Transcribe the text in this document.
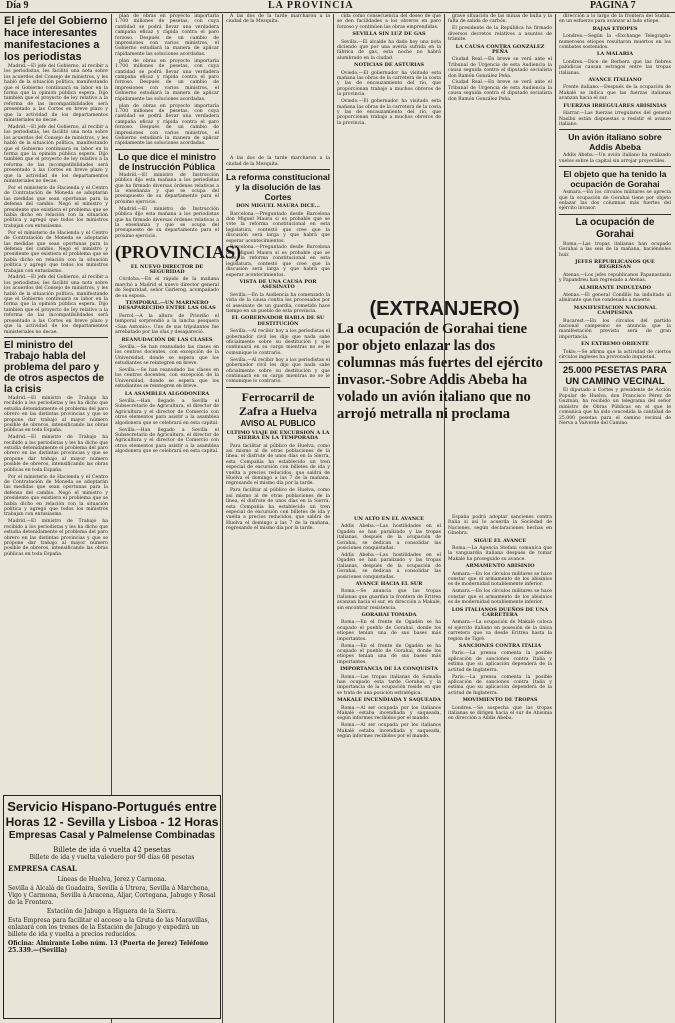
Día 9	LA PROVINCIA	PAGINA 7
El jefe del Gobierno hace interesantes manifestaciones a los periodistas

Madrid.—El jefe del Gobierno, al recibir a los periodistas, les facilitó una nota sobre los acuerdos del Consejo de ministros, y les habló de la situación política, manifestando que el Gobierno continuará su labor en la forma que la opinión pública espera. Dijo también que el proyecto de ley relativo a la reforma de las incompatibilidades será presentado a las Cortes en breve plazo y que la actividad de los departamentos ministeriales no decae.

Madrid.—El jefe del Gobierno, al recibir a los periodistas, les facilitó una nota sobre los acuerdos del Consejo de ministros, y les habló de la situación política, manifestando que el Gobierno continuará su labor en la forma que la opinión pública espera. Dijo también que el proyecto de ley relativo a la reforma de las incompatibilidades será presentado a las Cortes en breve plazo y que la actividad de los departamentos ministeriales no decae.

Por el ministerio de Hacienda y el Centro de Contratación de Moneda se adoptarán las medidas que sean oportunas para la defensa del cambio. Negó el ministro y presidente que existiera el problema que se había dicho en relación con la situación política y agregó que todos los ministros trabajan con entusiasmo.

Por el ministerio de Hacienda y el Centro de Contratación de Moneda se adoptarán las medidas que sean oportunas para la defensa del cambio. Negó el ministro y presidente que existiera el problema que se había dicho en relación con la situación política y agregó que todos los ministros trabajan con entusiasmo.

Madrid.—El jefe del Gobierno, al recibir a los periodistas, les facilitó una nota sobre los acuerdos del Consejo de ministros, y les habló de la situación política, manifestando que el Gobierno continuará su labor en la forma que la opinión pública espera. Dijo también que el proyecto de ley relativo a la reforma de las incompatibilidades será presentado a las Cortes en breve plazo y que la actividad de los departamentos ministeriales no decae.

El ministro del Trabajo habla del problema del paro y de otros aspectos de la crisis

Madrid.—El ministro de Trabajo ha recibido a los periodistas y les ha dicho que estudia detenidamente el problema del paro obrero en las distintas provincias y que se propone dar trabajo al mayor número posible de obreros, intensificando las obras públicas en toda España.

Madrid.—El ministro de Trabajo ha recibido a los periodistas y les ha dicho que estudia detenidamente el problema del paro obrero en las distintas provincias y que se propone dar trabajo al mayor número posible de obreros, intensificando las obras públicas en toda España.

Por el ministerio de Hacienda y el Centro de Contratación de Moneda se adoptarán las medidas que sean oportunas para la defensa del cambio. Negó el ministro y presidente que existiera el problema que se había dicho en relación con la situación política y agregó que todos los ministros trabajan con entusiasmo.

Madrid.—El ministro de Trabajo ha recibido a los periodistas y les ha dicho que estudia detenidamente el problema del paro obrero en las distintas provincias y que se propone dar trabajo al mayor número posible de obreros, intensificando las obras públicas en toda España.

Servicio Hispano-Portugués entre
Horas 12 - Sevilla y Lisboa - 12 Horas
Empresas Casal y Palmelense Combinadas
Billete de ida ó vuelta 42 pesetas
Billete de ida y vuelta valedero por 90 días 68 pesetas
EMPRESA CASAL
Líneas de Huelva, Jerez y Carmona.
Sevilla á Alcalá de Guadaira, Sevilla á Utrera, Sevilla á Marchena, Vigo y Carmona, Sevilla á Aracena, Aljar, Cortegana, Jabugo y Rosal de la Frontera.
Estación de Jabugo a Higuera de la Sierra.
Esta Empresa para facilitar el acceso a la Gruta de las Maravillas, enlazará con los trenes de la Estación de Jabugo y expedirá un billete de ida y vuelta a precios reducidos.
Oficina: Almirante Lobo núm. 13 (Puerta de Jerez) Teléfono 25.339.—(Sevilla)

plan de obras en proyecto importaría 1.700 millones de pesetas, con cuya cantidad se podrá llevar una verdadera campaña eficaz y rápida contra el paro forzoso. Después de un cambio de impresiones con varios ministros, el Gobierno estudiará la manera de aplicar rápidamente las soluciones acordadas.

plan de obras en proyecto importaría 1.700 millones de pesetas, con cuya cantidad se podrá llevar una verdadera campaña eficaz y rápida contra el paro forzoso. Después de un cambio de impresiones con varios ministros, el Gobierno estudiará la manera de aplicar rápidamente las soluciones acordadas.

plan de obras en proyecto importaría 1.700 millones de pesetas, con cuya cantidad se podrá llevar una verdadera campaña eficaz y rápida contra el paro forzoso. Después de un cambio de impresiones con varios ministros, el Gobierno estudiará la manera de aplicar rápidamente las soluciones acordadas.

Lo que dice el ministro de Instrucción Pública

Madrid.—El ministro de Instrucción pública dijo esta mañana a los periodistas que ha firmado diversas órdenes relativas a la enseñanza y que se ocupa del presupuesto de su departamento para el próximo ejercicio.

Madrid.—El ministro de Instrucción pública dijo esta mañana a los periodistas que ha firmado diversas órdenes relativas a la enseñanza y que se ocupa del presupuesto de su departamento para el próximo ejercicio.

(PROVINCIAS)
EL NUEVO DIRECTOR DE SEGURIDAD

Córdoba.—En el rápido de la mañana marchó a Madrid el nuevo director general de Seguridad, señor Garlerog, acompañado de su esposa.

TEMPORAL.—UN MARINERO DESAPARECIDO ENTRE LAS OLAS

Ferrol.—A la altura de Prioriño el temporal sorprendió a la lancha pesquera «San Antonio». Uno de sus tripulantes fue arrebatado por las olas y desapareció.

REANUDACIÓN DE LAS CLASES

Sevilla.—Se han reanudado las clases en los centros docentes, con excepción de la Universidad, donde se espera que los estudiantes se reintegren en breve.

Sevilla.—Se han reanudado las clases en los centros docentes, con excepción de la Universidad, donde se espera que los estudiantes se reintegren en breve.

LA ASAMBLEA ALGODONERA

Sevilla.—Han llegado a Sevilla el Subsecretario de Agricultura, el director de Agricultura y el director de Comercio con otros elementos para asistir a la asamblea algodonera que se celebrará en esta capital.

Sevilla.—Han llegado a Sevilla el Subsecretario de Agricultura, el director de Agricultura y el director de Comercio con otros elementos para asistir a la asamblea algodonera que se celebrará en esta capital.

A las dos de la tarde marcharon a la ciudad de la Mezquita.

A las dos de la tarde marcharon a la ciudad de la Mezquita.

La reforma constitucional y la disolución de las Cortes
DON MIGUEL MAURA DICE...

Barcelona.—Preguntado desde Barcelona don Miguel Maura si es probable que se vote la reforma constitucional en esta legislatura, contestó que cree que la discusión será larga y que habrá que esperar acontecimientos.

Barcelona.—Preguntado desde Barcelona don Miguel Maura si es probable que se vote la reforma constitucional en esta legislatura, contestó que cree que la discusión será larga y que habrá que esperar acontecimientos.

VISTA DE UNA CAUSA POR ASESINATO

Sevilla.—En la Audiencia ha comenzado la vista de la causa contra los procesados por el asesinato de un guardia, cometido hace tiempo en un pueblo de esta provincia.

EL GOBERNADOR HABLA DE SU DESTITUCIÓN

Sevilla.—Al recibir hoy a los periodistas el gobernador civil les dijo que nada sabe oficialmente sobre su destitución y que continuará en su cargo mientras no se le comunique lo contrario.

Sevilla.—Al recibir hoy a los periodistas el gobernador civil les dijo que nada sabe oficialmente sobre su destitución y que continuará en su cargo mientras no se le comunique lo contrario.

Ferrocarril de Zafra a Huelva
AVISO AL PUBLICO
ULTIMO VIAJE DE EXCURSION A LA SIERRA EN LA TEMPORADA

Para facilitar al público de Huelva, como así mismo al de otras poblaciones de la línea, el disfrute de unos días en la Sierra, esta Compañía ha establecido un tren especial de excursión con billetes de ida y vuelta a precios reducidos, que saldrá de Huelva el domingo a las 7 de la mañana, regresando el mismo día por la tarde.

Para facilitar al público de Huelva, como así mismo al de otras poblaciones de la línea, el disfrute de unos días en la Sierra, esta Compañía ha establecido un tren especial de excursión con billetes de ida y vuelta a precios reducidos, que saldrá de Huelva el domingo a las 7 de la mañana, regresando el mismo día por la tarde.

cida como consecuencia del deseo de que se den facilidades a los obreros en paro forzoso y continúen las obras emprendidas.

SEVILLA SIN LUZ DE GAS

Sevilla.—El alcalde ha dado hoy una nota diciendo que por una avería sufrida en la fábrica de gas, esta noche no habrá alumbrado en la ciudad.

NOTICIAS DE ASTURIAS

Oviedo.—El gobernador ha visitado esta mañana las obras de la carretera de la costa y las de encauzamiento del río, que proporcionan trabajo a muchos obreros de la provincia.

Oviedo.—El gobernador ha visitado esta mañana las obras de la carretera de la costa y las de encauzamiento del río, que proporcionan trabajo a muchos obreros de la provincia.

grave situación de las minas de hulla y la falta de salida de carbón.

El presidente de la República ha firmado diversos decretos relativos a asuntos de trámite.

LA CAUSA CONTRA GONZÁLEZ PEÑA

Ciudad Real.—En breve se verá ante el Tribunal de Urgencia de esta Audiencia la causa seguida contra el diputado socialista don Ramón González Peña.

Ciudad Real.—En breve se verá ante el Tribunal de Urgencia de esta Audiencia la causa seguida contra el diputado socialista don Ramón González Peña.

(EXTRANJERO)
La ocupación de Gorahai tiene por objeto enlazar las dos columnas más fuertes del ejército invasor.-Sobre Addis Abeba ha volado un avión italiano que no arrojó metralla ni proclama
UN ALTO EN EL AVANCE

Addis Abeba.—Las hostilidades en el Ogadén se han paralizado y las tropas italianas, después de la ocupación de Gorahai, se dedican a consolidar las posiciones conquistadas.

Addis Abeba.—Las hostilidades en el Ogadén se han paralizado y las tropas italianas, después de la ocupación de Gorahai, se dedican a consolidar las posiciones conquistadas.

AVANCE HACIA EL SUR

Roma.—Se anuncia que las tropas italianas que guardan la frontera de Eritrea avanzan hacia el sur, en dirección a Makalé, sin encontrar resistencia.

GORAHAI TOMADA

Roma.—En el frente de Ogadén se ha ocupado el pueblo de Gorahai, donde los etíopes tenían una de sus bases más importantes.

Roma.—En el frente de Ogadén se ha ocupado el pueblo de Gorahai, donde los etíopes tenían una de sus bases más importantes.

IMPORTANCIA DE LA CONQUISTA

Roma.—Las tropas italianas de Somalia han ocupado esta tarde Gorahai, y la importancia de la ocupación reside en que se trata de una posición estratégica.

MAKALE INCENDIADA Y SAQUEADA

Roma.—Al ser ocupada por los italianos Makalé estaba incendiada y saqueada, según informes recibidos por el mando.

Roma.—Al ser ocupada por los italianos Makalé estaba incendiada y saqueada, según informes recibidos por el mando.

España podrá adoptar sanciones contra Italia si así lo acuerda la Sociedad de Naciones, según declaraciones hechas en Ginebra.

SIGUE EL AVANCE

Roma.—La Agencia Stefani comunica que la vanguardia italiana después de tomar Makalé ha proseguido su avance.

ARMAMENTO ABISINIO

Asmara.—En los círculos militares se hace constar que el armamento de los abisinios es de modernidad notablemente inferior.

Asmara.—En los círculos militares se hace constar que el armamento de los abisinios es de modernidad notablemente inferior.

LOS ITALIANOS DUEÑOS DE UNA CARRETERA

Asmara.—La ocupación de Makalé coloca el ejército italiano en posesión de la única carretera que va desde Eritrea hasta la región de Tigré.

SANCIONES CONTRA ITALIA

París.—La prensa comenta la posible aplicación de sanciones contra Italia y estima que su aplicación dependerá de la actitud de Inglaterra.

París.—La prensa comenta la posible aplicación de sanciones contra Italia y estima que su aplicación dependerá de la actitud de Inglaterra.

MOVIMIENTO DE TROPAS

Londres.—Se sospecha que las tropas italianas se dirigen hacia el sur de Abisinia en dirección a Addis Abeba.

dirección a lo largo de la frontera del Sudán, en un esfuerzo para avanzar al lado etíope.

BAJAS ETIOPES

Londres.—Según la «Exchange Telegraph» numerosos etíopes resultaron muertos en los combates sostenidos.

LA MALARIA

Londres.—Dice de Berbera que las fiebres palúdicas causan estragos entre las tropas italianas.

AVANCE ITALIANO

Frente italiano.—Después de la ocupación de Makalé se indica que las fuerzas italianas avanzan hacia el sur.

FUERZAS IRREGULARES ABISINIAS

Harrar.—Las fuerzas irregulares del general Nasibú están dispuestas a resistir el avance italiano.

Un avión italiano sobre Addis Abeba

Addis Abeba.—Un avión italiano ha realizado vuelos sobre la capital sin arrojar proyectiles.

El objeto que ha tenido la ocupación de Gorahai

Asmara.—En los círculos militares se aprecia que la ocupación de Gorahai tiene por objeto enlazar las dos columnas más fuertes del ejército invasor.

La ocupación de Gorahai

Roma.—Las tropas italianas han ocupado Gorahai a las seis de la mañana, haciéndoles huir.

JEFES REPUBLICANOS QUE REGRESAN

Atenas.—Los jefes republicanos Papanastasiu y Papandreu han regresado a Atenas.

ALMIRANTE INDULTADO

Atenas.—El general Condilis ha indultado al almirante que fue condenado a muerte.

MANIFESTACION NACIONAL CAMPESINA

Bucarest.—En los círculos del partido nacional campesino se anuncia que la manifestación prevista será de gran importancia.

EN EXTREMO ORIENTE

Tokio.—Se afirma que la actividad de ciertos círculos ingleses ha provocado inquietud.

25.000 PESETAS PARA UN CAMINO VECINAL

El diputado a Cortes y presidente de Acción Popular de Huelva, don Francisco Pérez de Guzmán, ha recibido un telegrama del señor ministro de Obras Públicas en el que le comunica que ha sido concedida la cantidad de 25.000 pesetas para el camino vecinal de Nerva a Valverde del Camino.
